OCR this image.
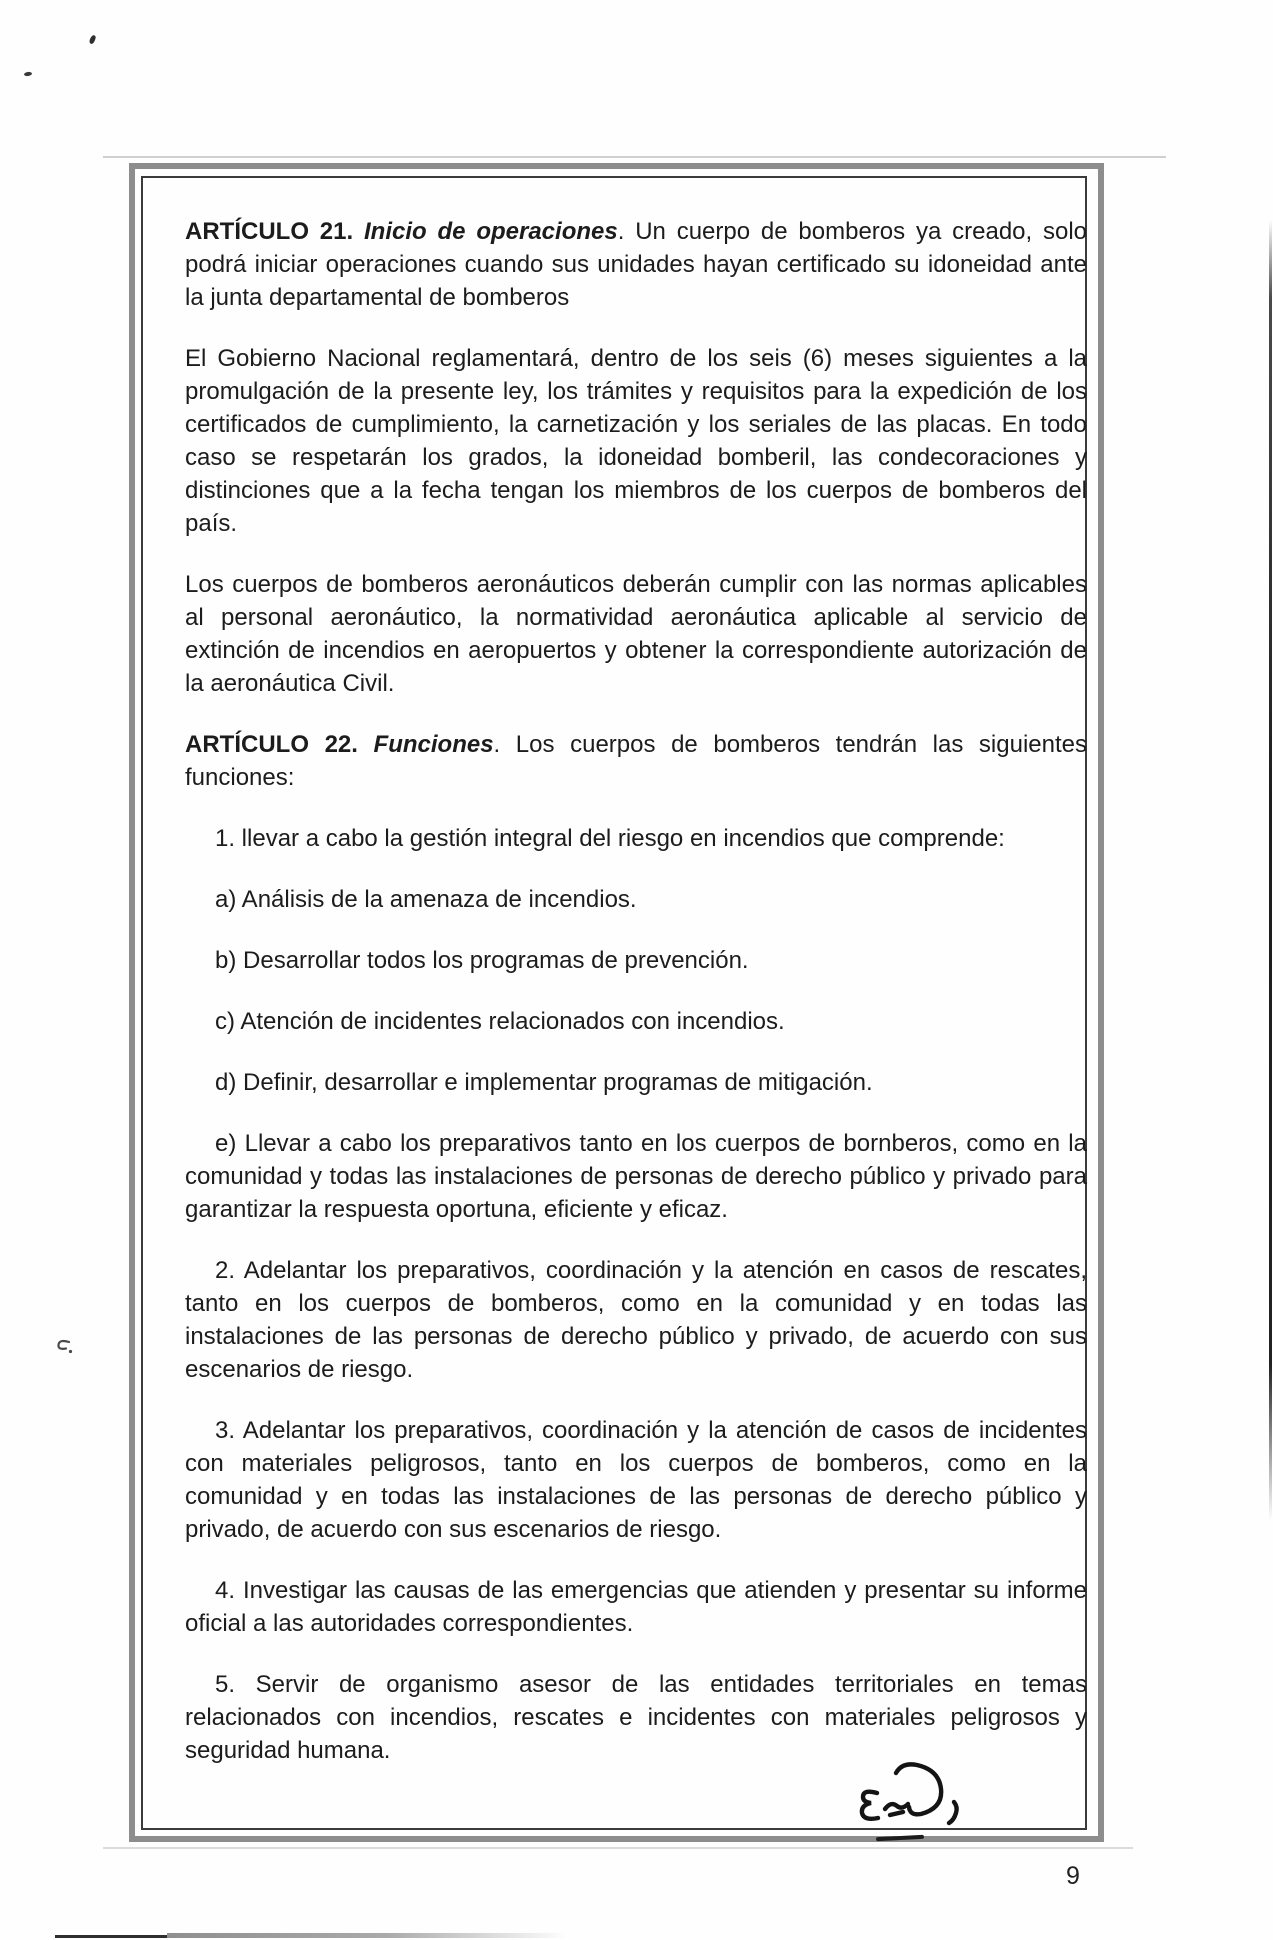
ARTÍCULO 21. Inicio de operaciones. Un cuerpo de bomberos ya creado, solo podrá iniciar operaciones cuando sus unidades hayan certificado su idoneidad ante la junta departamental de bomberos

El Gobierno Nacional reglamentará, dentro de los seis (6) meses siguientes a la promulgación de la presente ley, los trámites y requisitos para la expedición de los certificados de cumplimiento, la carnetización y los seriales de las placas. En todo caso se respetarán los grados, la idoneidad bomberil, las condecoraciones y distinciones que a la fecha tengan los miembros de los cuerpos de bomberos del país.

Los cuerpos de bomberos aeronáuticos deberán cumplir con las normas aplicables al personal aeronáutico, la normatividad aeronáutica aplicable al servicio de extinción de incendios en aeropuertos y obtener la correspondiente autorización de la aeronáutica Civil.

ARTÍCULO 22. Funciones. Los cuerpos de bomberos tendrán las siguientes funciones:

1. llevar a cabo la gestión integral del riesgo en incendios que comprende:

a) Análisis de la amenaza de incendios.

b) Desarrollar todos los programas de prevención.

c) Atención de incidentes relacionados con incendios.

d) Definir, desarrollar e implementar programas de mitigación.

e) Llevar a cabo los preparativos tanto en los cuerpos de bornberos, como en la comunidad y todas las instalaciones de personas de derecho público y privado para garantizar la respuesta oportuna, eficiente y eficaz.

2. Adelantar los preparativos, coordinación y la atención en casos de rescates, tanto en los cuerpos de bomberos, como en la comunidad y en todas las instalaciones de las personas de derecho público y privado, de acuerdo con sus escenarios de riesgo.

3. Adelantar los preparativos, coordinación y la atención de casos de incidentes con materiales peligrosos, tanto en los cuerpos de bomberos, como en la comunidad y en todas las instalaciones de las personas de derecho público y privado, de acuerdo con sus escenarios de riesgo.

4. Investigar las causas de las emergencias que atienden y presentar su informe oficial a las autoridades correspondientes.

5. Servir de organismo asesor de las entidades territoriales en temas relacionados con incendios, rescates e incidentes con materiales peligrosos y seguridad humana.

9
